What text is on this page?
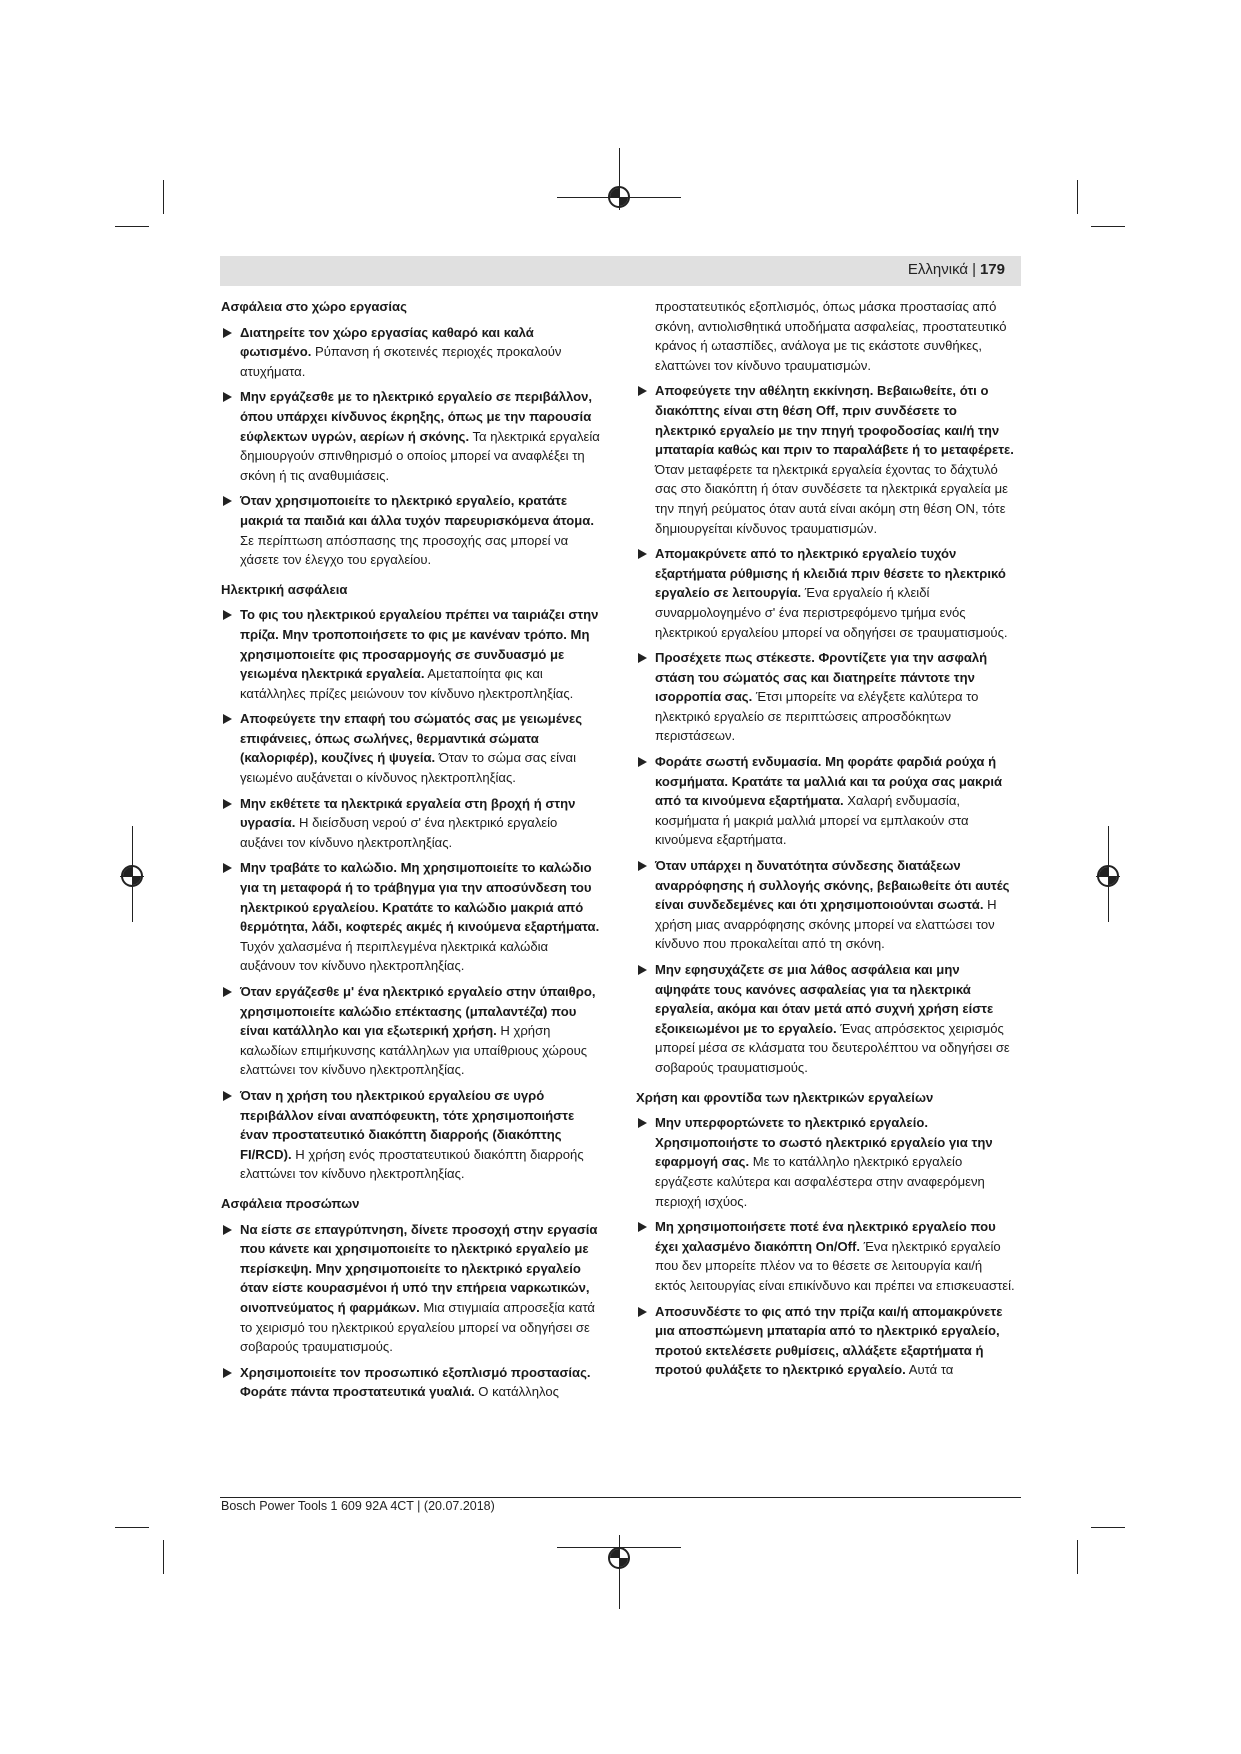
Ελληνικά | 179
Ασφάλεια στο χώρο εργασίας
Διατηρείτε τον χώρο εργασίας καθαρό και καλά φωτισμένο. Ρύπανση ή σκοτεινές περιοχές προκαλούν ατυχήματα.
Μην εργάζεσθε με το ηλεκτρικό εργαλείο σε περιβάλλον, όπου υπάρχει κίνδυνος έκρηξης, όπως με την παρουσία εύφλεκτων υγρών, αερίων ή σκόνης. Τα ηλεκτρικά εργαλεία δημιουργούν σπινθηρισμό ο οποίος μπορεί να αναφλέξει τη σκόνη ή τις αναθυμιάσεις.
Όταν χρησιμοποιείτε το ηλεκτρικό εργαλείο, κρατάτε μακριά τα παιδιά και άλλα τυχόν παρευρισκόμενα άτομα. Σε περίπτωση απόσπασης της προσοχής σας μπορεί να χάσετε τον έλεγχο του εργαλείου.
Ηλεκτρική ασφάλεια
Το φις του ηλεκτρικού εργαλείου πρέπει να ταιριάζει στην πρίζα. Μην τροποποιήσετε το φις με κανέναν τρόπο. Μη χρησιμοποιείτε φις προσαρμογής σε συνδυασμό με γειωμένα ηλεκτρικά εργαλεία. Αμεταποίητα φις και κατάλληλες πρίζες μειώνουν τον κίνδυνο ηλεκτροπληξίας.
Αποφεύγετε την επαφή του σώματός σας με γειωμένες επιφάνειες, όπως σωλήνες, θερμαντικά σώματα (καλοριφέρ), κουζίνες ή ψυγεία. Όταν το σώμα σας είναι γειωμένο αυξάνεται ο κίνδυνος ηλεκτροπληξίας.
Μην εκθέτετε τα ηλεκτρικά εργαλεία στη βροχή ή στην υγρασία. Η διείσδυση νερού σ' ένα ηλεκτρικό εργαλείο αυξάνει τον κίνδυνο ηλεκτροπληξίας.
Μην τραβάτε το καλώδιο. Μη χρησιμοποιείτε το καλώδιο για τη μεταφορά ή το τράβηγμα για την αποσύνδεση του ηλεκτρικού εργαλείου. Κρατάτε το καλώδιο μακριά από θερμότητα, λάδι, κοφτερές ακμές ή κινούμενα εξαρτήματα. Τυχόν χαλασμένα ή περιπλεγμένα ηλεκτρικά καλώδια αυξάνουν τον κίνδυνο ηλεκτροπληξίας.
Όταν εργάζεσθε μ' ένα ηλεκτρικό εργαλείο στην ύπαιθρο, χρησιμοποιείτε καλώδιο επέκτασης (μπαλαντέζα) που είναι κατάλληλο και για εξωτερική χρήση. Η χρήση καλωδίων επιμήκυνσης κατάλληλων για υπαίθριους χώρους ελαττώνει τον κίνδυνο ηλεκτροπληξίας.
Όταν η χρήση του ηλεκτρικού εργαλείου σε υγρό περιβάλλον είναι αναπόφευκτη, τότε χρησιμοποιήστε έναν προστατευτικό διακόπτη διαρροής (διακόπτης FI/RCD). Η χρήση ενός προστατευτικού διακόπτη διαρροής ελαττώνει τον κίνδυνο ηλεκτροπληξίας.
Ασφάλεια προσώπων
Να είστε σε επαγρύπνηση, δίνετε προσοχή στην εργασία που κάνετε και χρησιμοποιείτε το ηλεκτρικό εργαλείο με περίσκεψη. Μην χρησιμοποιείτε το ηλεκτρικό εργαλείο όταν είστε κουρασμένοι ή υπό την επήρεια ναρκωτικών, οινοπνεύματος ή φαρμάκων. Μια στιγμιαία απροσεξία κατά το χειρισμό του ηλεκτρικού εργαλείου μπορεί να οδηγήσει σε σοβαρούς τραυματισμούς.
Χρησιμοποιείτε τον προσωπικό εξοπλισμό προστασίας. Φοράτε πάντα προστατευτικά γυαλιά. Ο κατάλληλος
προστατευτικός εξοπλισμός, όπως μάσκα προστασίας από σκόνη, αντιολισθητικά υποδήματα ασφαλείας, προστατευτικό κράνος ή ωτασπίδες, ανάλογα με τις εκάστοτε συνθήκες, ελαττώνει τον κίνδυνο τραυματισμών.
Αποφεύγετε την αθέλητη εκκίνηση. Βεβαιωθείτε, ότι ο διακόπτης είναι στη θέση Off, πριν συνδέσετε το ηλεκτρικό εργαλείο με την πηγή τροφοδοσίας και/ή την μπαταρία καθώς και πριν το παραλάβετε ή το μεταφέρετε. Όταν μεταφέρετε τα ηλεκτρικά εργαλεία έχοντας το δάχτυλό σας στο διακόπτη ή όταν συνδέσετε τα ηλεκτρικά εργαλεία με την πηγή ρεύματος όταν αυτά είναι ακόμη στη θέση ON, τότε δημιουργείται κίνδυνος τραυματισμών.
Απομακρύνετε από το ηλεκτρικό εργαλείο τυχόν εξαρτήματα ρύθμισης ή κλειδιά πριν θέσετε το ηλεκτρικό εργαλείο σε λειτουργία. Ένα εργαλείο ή κλειδί συναρμολογημένο σ' ένα περιστρεφόμενο τμήμα ενός ηλεκτρικού εργαλείου μπορεί να οδηγήσει σε τραυματισμούς.
Προσέχετε πως στέκεστε. Φροντίζετε για την ασφαλή στάση του σώματός σας και διατηρείτε πάντοτε την ισορροπία σας. Έτσι μπορείτε να ελέγξετε καλύτερα το ηλεκτρικό εργαλείο σε περιπτώσεις απροσδόκητων περιστάσεων.
Φοράτε σωστή ενδυμασία. Μη φοράτε φαρδιά ρούχα ή κοσμήματα. Κρατάτε τα μαλλιά και τα ρούχα σας μακριά από τα κινούμενα εξαρτήματα. Χαλαρή ενδυμασία, κοσμήματα ή μακριά μαλλιά μπορεί να εμπλακούν στα κινούμενα εξαρτήματα.
Όταν υπάρχει η δυνατότητα σύνδεσης διατάξεων αναρρόφησης ή συλλογής σκόνης, βεβαιωθείτε ότι αυτές είναι συνδεδεμένες και ότι χρησιμοποιούνται σωστά. Η χρήση μιας αναρρόφησης σκόνης μπορεί να ελαττώσει τον κίνδυνο που προκαλείται από τη σκόνη.
Μην εφησυχάζετε σε μια λάθος ασφάλεια και μην αψηφάτε τους κανόνες ασφαλείας για τα ηλεκτρικά εργαλεία, ακόμα και όταν μετά από συχνή χρήση είστε εξοικειωμένοι με το εργαλείο. Ένας απρόσεκτος χειρισμός μπορεί μέσα σε κλάσματα του δευτερολέπτου να οδηγήσει σε σοβαρούς τραυματισμούς.
Χρήση και φροντίδα των ηλεκτρικών εργαλείων
Μην υπερφορτώνετε το ηλεκτρικό εργαλείο. Χρησιμοποιήστε το σωστό ηλεκτρικό εργαλείο για την εφαρμογή σας. Με το κατάλληλο ηλεκτρικό εργαλείο εργάζεστε καλύτερα και ασφαλέστερα στην αναφερόμενη περιοχή ισχύος.
Μη χρησιμοποιήσετε ποτέ ένα ηλεκτρικό εργαλείο που έχει χαλασμένο διακόπτη On/Off. Ένα ηλεκτρικό εργαλείο που δεν μπορείτε πλέον να το θέσετε σε λειτουργία και/ή εκτός λειτουργίας είναι επικίνδυνο και πρέπει να επισκευαστεί.
Αποσυνδέστε το φις από την πρίζα και/ή απομακρύνετε μια αποσπώμενη μπαταρία από το ηλεκτρικό εργαλείο, προτού εκτελέσετε ρυθμίσεις, αλλάξετε εξαρτήματα ή προτού φυλάξετε το ηλεκτρικό εργαλείο. Αυτά τα
Bosch Power Tools 1 609 92A 4CT | (20.07.2018)
